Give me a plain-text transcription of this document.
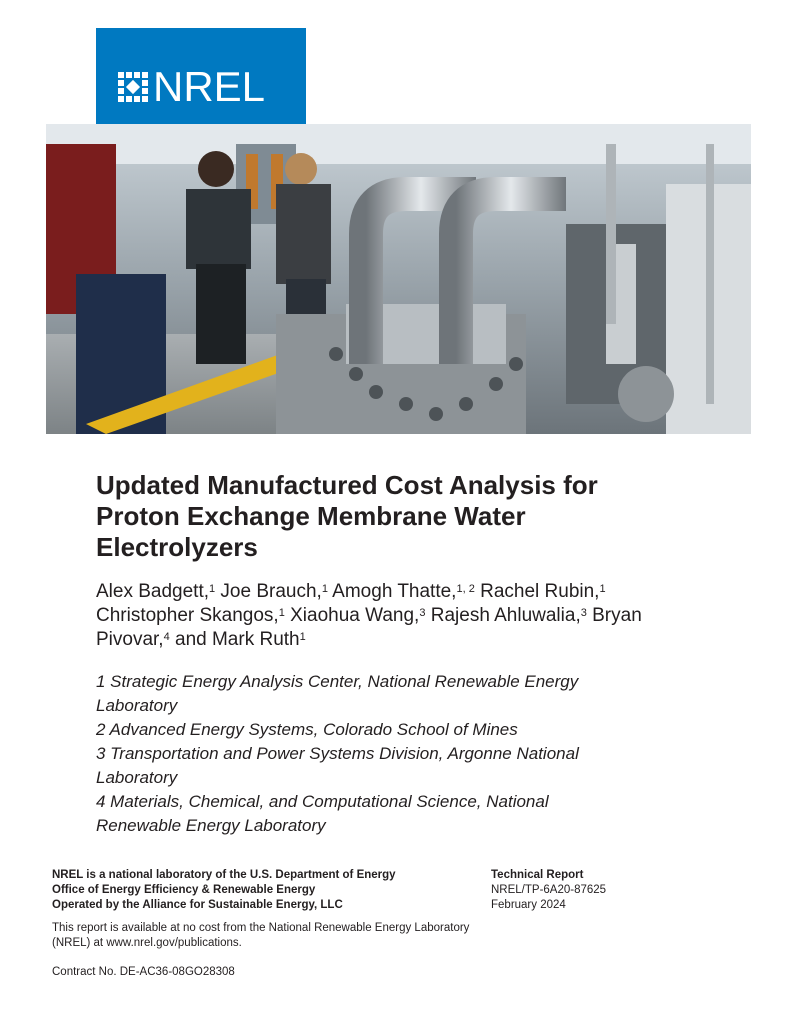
NREL
Updated Manufactured Cost Analysis for Proton Exchange Membrane Water Electrolyzers

Alex Badgett,$^1$ Joe Brauch,$^1$ Amogh Thatte,$^{1, 2}$ Rachel Rubin,$^1$ Christopher Skangos,$^1$ Xiaohua Wang,$^3$ Rajesh Ahluwalia,$^3$ Bryan Pivovar,$^4$ and Mark Ruth$^1$

1 Strategic Energy Analysis Center, National Renewable Energy Laboratory
2 Advanced Energy Systems, Colorado School of Mines
3 Transportation and Power Systems Division, Argonne National Laboratory
4 Materials, Chemical, and Computational Science, National Renewable Energy Laboratory
NREL is a national laboratory of the U.S. Department of Energy
Office of Energy Efficiency & Renewable Energy
Operated by the Alliance for Sustainable Energy, LLC
This report is available at no cost from the National Renewable Energy Laboratory (NREL) at www.nrel.gov/publications.
Technical Report
NREL/TP-6A20-87625
February 2024
Contract No. DE-AC36-08GO28308
